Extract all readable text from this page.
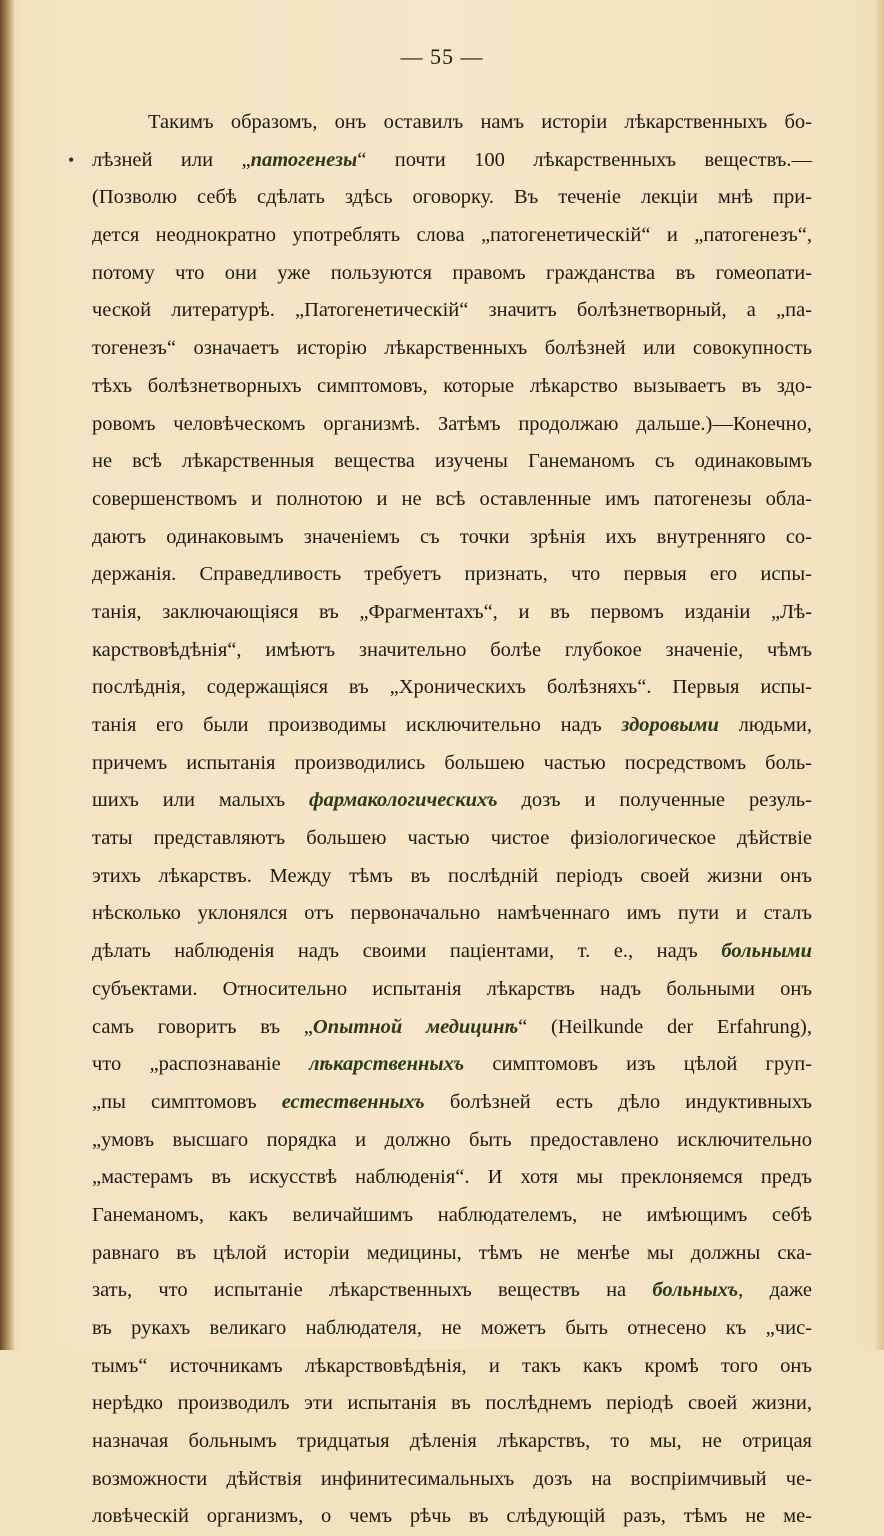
— 55 —
•
Такимъ образомъ, онъ оставилъ намъ исторіи лѣкарственныхъ бо-
лѣзней или „патогенезы“ почти 100 лѣкарственныхъ веществъ.—
(Позволю себѣ сдѣлать здѣсь оговорку. Въ теченіе лекціи мнѣ при-
дется неоднократно употреблять слова „патогенетическій“ и „патогенезъ“,
потому что они уже пользуются правомъ гражданства въ гомеопати-
ческой литературѣ. „Патогенетическій“ значитъ болѣзнетворный, а „па-
тогенезъ“ означаетъ исторію лѣкарственныхъ болѣзней или совокупность
тѣхъ болѣзнетворныхъ симптомовъ, которые лѣкарство вызываетъ въ здо-
ровомъ человѣческомъ организмѣ. Затѣмъ продолжаю дальше.)—Конечно,
не всѣ лѣкарственныя вещества изучены Ганеманомъ съ одинаковымъ
совершенствомъ и полнотою и не всѣ оставленные имъ патогенезы обла-
даютъ одинаковымъ значеніемъ съ точки зрѣнія ихъ внутренняго со-
держанія. Справедливость требуетъ признать, что первыя его испы-
танія, заключающіяся въ „Фрагментахъ“, и въ первомъ изданіи „Лѣ-
карствовѣдѣнія“, имѣютъ значительно болѣе глубокое значеніе, чѣмъ
послѣднія, содержащіяся въ „Хроническихъ болѣзняхъ“. Первыя испы-
танія его были производимы исключительно надъ здоровыми людьми,
причемъ испытанія производились большею частью посредствомъ боль-
шихъ или малыхъ фармакологическихъ дозъ и полученные резуль-
таты представляютъ большею частью чистое физіологическое дѣйствіе
этихъ лѣкарствъ. Между тѣмъ въ послѣдній періодъ своей жизни онъ
нѣсколько уклонялся отъ первоначально намѣченнаго имъ пути и сталъ
дѣлать наблюденія надъ своими паціентами, т. е., надъ больными
субъектами. Относительно испытанія лѣкарствъ надъ больными онъ
самъ говоритъ въ „Опытной медицинѣ“ (Heilkunde der Erfahrung),
что „распознаваніе лѣкарственныхъ симптомовъ изъ цѣлой груп-
„пы симптомовъ естественныхъ болѣзней есть дѣло индуктивныхъ
„умовъ высшаго порядка и должно быть предоставлено исключительно
„мастерамъ въ искусствѣ наблюденія“. И хотя мы преклоняемся предъ
Ганеманомъ, какъ величайшимъ наблюдателемъ, не имѣющимъ себѣ
равнаго въ цѣлой исторіи медицины, тѣмъ не менѣе мы должны ска-
зать, что испытаніе лѣкарственныхъ веществъ на больныхъ, даже
въ рукахъ великаго наблюдателя, не можетъ быть отнесено къ „чис-
тымъ“ источникамъ лѣкарствовѣдѣнія, и такъ какъ кромѣ того онъ
нерѣдко производилъ эти испытанія въ послѣднемъ періодѣ своей жизни,
назначая больнымъ тридцатыя дѣленія лѣкарствъ, то мы, не отрицая
возможности дѣйствія инфинитесимальныхъ дозъ на воспріимчивый че-
ловѣческій организмъ, о чемъ рѣчь въ слѣдующій разъ, тѣмъ не ме-
